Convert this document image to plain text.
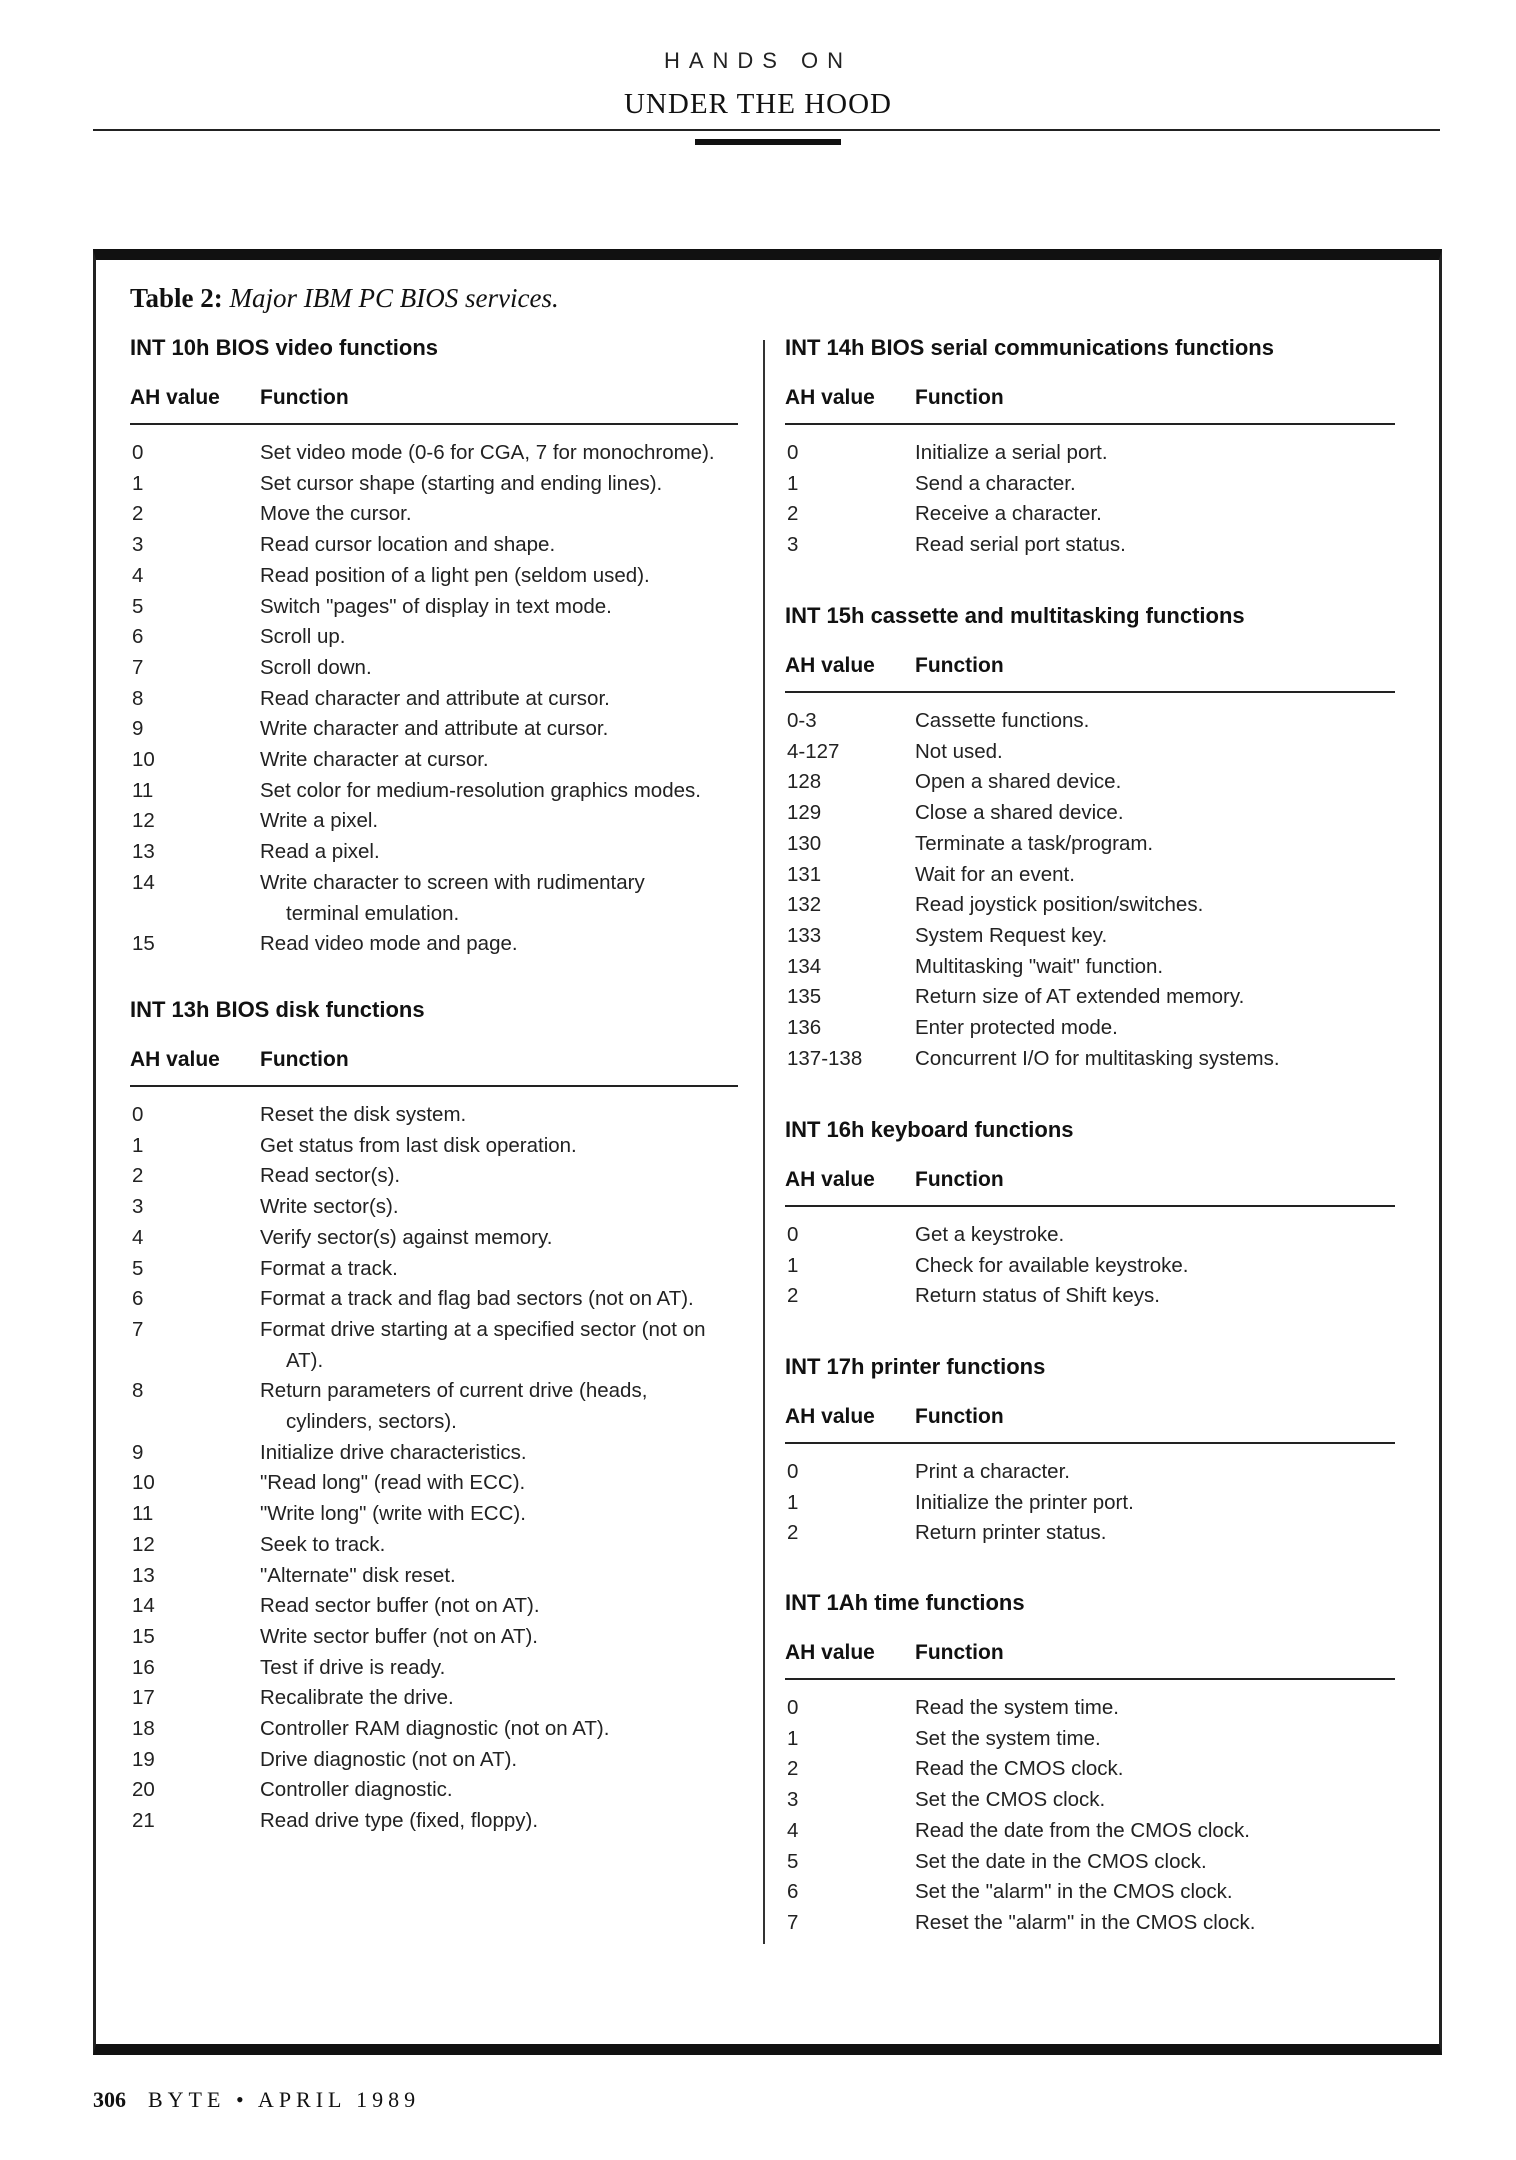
HANDS ON
UNDER THE HOOD
Table 2: Major IBM PC BIOS services.
INT 10h BIOS video functions
AH value Function
0	Set video mode (0-6 for CGA, 7 for monochrome).
1	Set cursor shape (starting and ending lines).
2	Move the cursor.
3	Read cursor location and shape.
4	Read position of a light pen (seldom used).
5	Switch "pages" of display in text mode.
6	Scroll up.
7	Scroll down.
8	Read character and attribute at cursor.
9	Write character and attribute at cursor.
10	Write character at cursor.
11	Set color for medium-resolution graphics modes.
12	Write a pixel.
13	Read a pixel.
14	Write character to screen with rudimentary
terminal emulation.
15	Read video mode and page.
INT 13h BIOS disk functions
AH value Function
0	Reset the disk system.
1	Get status from last disk operation.
2	Read sector(s).
3	Write sector(s).
4	Verify sector(s) against memory.
5	Format a track.
6	Format a track and flag bad sectors (not on AT).
7	Format drive starting at a specified sector (not on
AT).
8	Return parameters of current drive (heads,
cylinders, sectors).
9	Initialize drive characteristics.
10	"Read long" (read with ECC).
11	"Write long" (write with ECC).
12	Seek to track.
13	"Alternate" disk reset.
14	Read sector buffer (not on AT).
15	Write sector buffer (not on AT).
16	Test if drive is ready.
17	Recalibrate the drive.
18	Controller RAM diagnostic (not on AT).
19	Drive diagnostic (not on AT).
20	Controller diagnostic.
21	Read drive type (fixed, floppy).
INT 14h BIOS serial communications functions
AH value Function
0	Initialize a serial port.
1	Send a character.
2	Receive a character.
3	Read serial port status.
INT 15h cassette and multitasking functions
AH value Function
0-3	Cassette functions.
4-127	Not used.
128	Open a shared device.
129	Close a shared device.
130	Terminate a task/program.
131	Wait for an event.
132	Read joystick position/switches.
133	System Request key.
134	Multitasking "wait" function.
135	Return size of AT extended memory.
136	Enter protected mode.
137-138	Concurrent I/O for multitasking systems.
INT 16h keyboard functions
AH value Function
0	Get a keystroke.
1	Check for available keystroke.
2	Return status of Shift keys.
INT 17h printer functions
AH value Function
0	Print a character.
1	Initialize the printer port.
2	Return printer status.
INT 1Ah time functions
AH value Function
0	Read the system time.
1	Set the system time.
2	Read the CMOS clock.
3	Set the CMOS clock.
4	Read the date from the CMOS clock.
5	Set the date in the CMOS clock.
6	Set the "alarm" in the CMOS clock.
7	Reset the "alarm" in the CMOS clock.
306 BYTE • APRIL 1989
